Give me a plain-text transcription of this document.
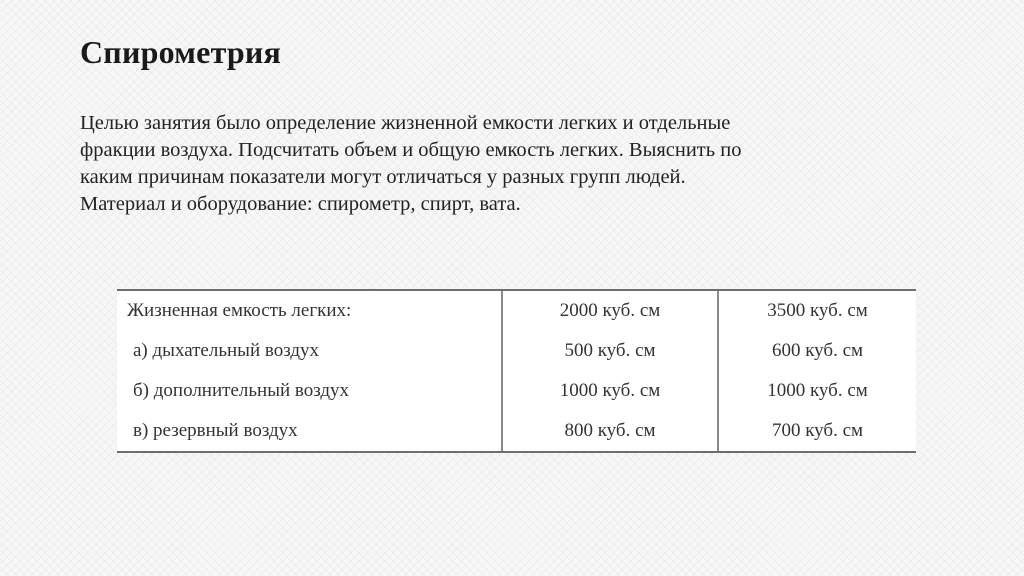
Спирометрия

Целью занятия было определение жизненной емкости легких и отдельные

фракции воздуха. Подсчитать объем и общую емкость легких. Выяснить по

каким причинам показатели могут отличаться у разных групп людей.

Материал и оборудование: спирометр, спирт, вата.

Жизненная емкость легких:	2000 куб. см	3500 куб. см
а) дыхательный воздух	500 куб. см	600 куб. см
б) дополнительный воздух	1000 куб. см	1000 куб. см
в) резервный воздух	800 куб. см	700 куб. см
